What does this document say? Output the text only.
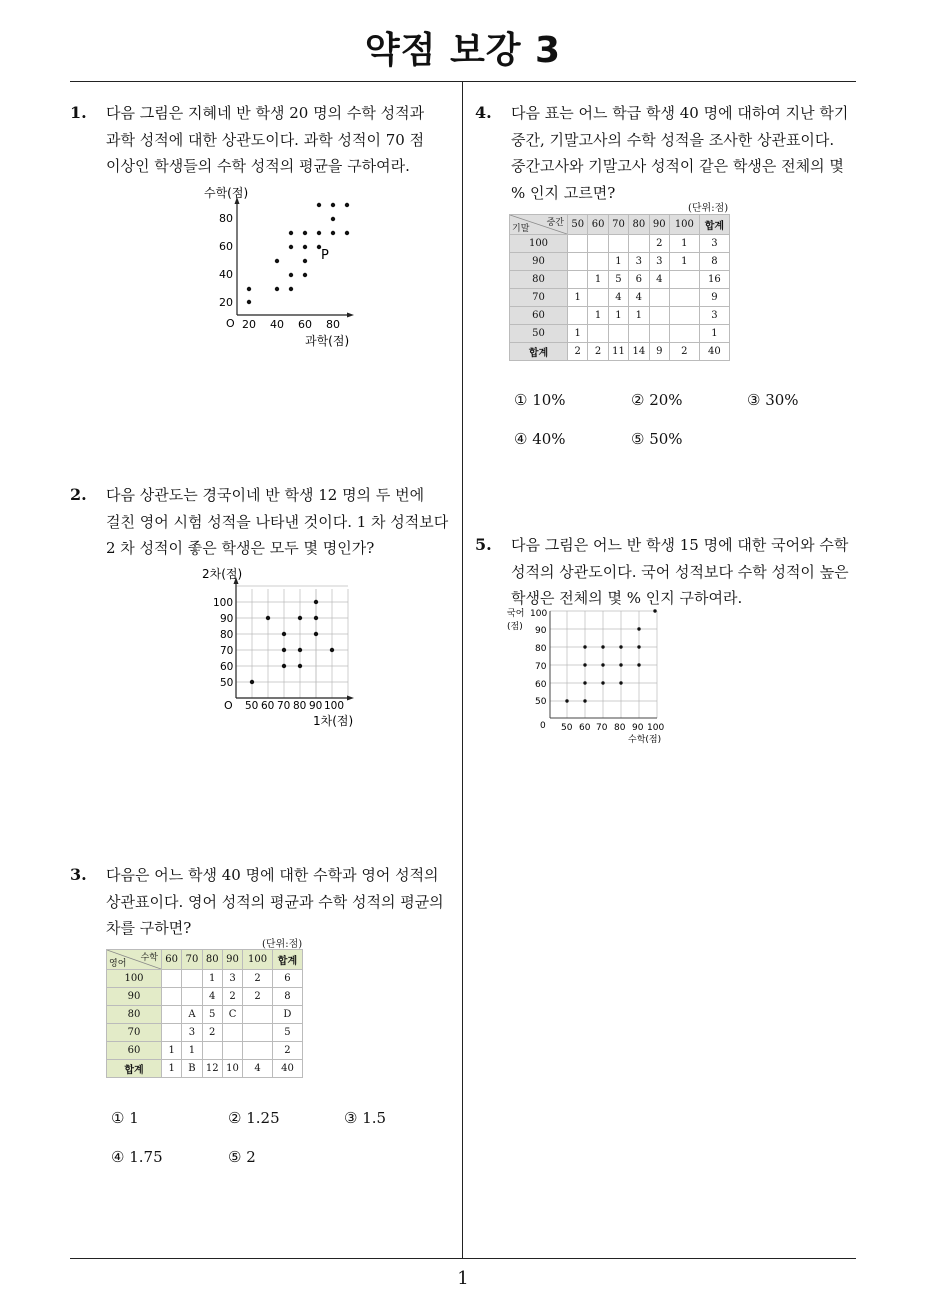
약점 보강 3
1
1. 다음 그림은 지혜네 반 학생 20 명의 수학 성적과
과학 성적에 대한 상관도이다. 과학 성적이 70 점
이상인 학생들의 수학 성적의 평균을 구하여라.
수학(점)
과학(점)
O
P
20 40 60 80
20
40
60
80
2. 다음 상관도는 경국이네 반 학생 12 명의 두 번에
걸친 영어 시험 성적을 나타낸 것이다. 1 차 성적보다
2 차 성적이 좋은 학생은 모두 몇 명인가?
2차(점)
1차(점)
O 50 60 70 80 90 100
50
60
70
80
90
100
3. 다음은 어느 학생 40 명에 대한 수학과 영어 성적의
상관표이다. 영어 성적의 평균과 수학 성적의 평균의
차를 구하면?
(단위:점)
수학
영어	60	70	80	90	100	합계
100			1	3	2	6
90			4	2	2	8
80		A	5	C		D
70		3	2			5
60	1	1				2
합계	1	B	12	10	4	40
① 1	② 1.25	③ 1.5
④ 1.75	⑤ 2
4. 다음 표는 어느 학급 학생 40 명에 대하여 지난 학기
중간, 기말고사의 수학 성적을 조사한 상관표이다.
중간고사와 기말고사 성적이 같은 학생은 전체의 몇
% 인지 고르면?
(단위:점)
중간
기말	50	60	70	80	90	100	합계
100					2	1	3
90			1	3	3	1	8
80		1	5	6	4		16
70	1		4	4			9
60		1	1	1			3
50	1						1
합계	2	2	11	14	9	2	40
① 10%	② 20%	③ 30%
④ 40%	⑤ 50%
5. 다음 그림은 어느 반 학생 15 명에 대한 국어와 수학
성적의 상관도이다. 국어 성적보다 수학 성적이 높은
학생은 전체의 몇 % 인지 구하여라.
국어
(점)
수학(점)
0 50 60 70 80 90 100
50
60
70
80
90
100
